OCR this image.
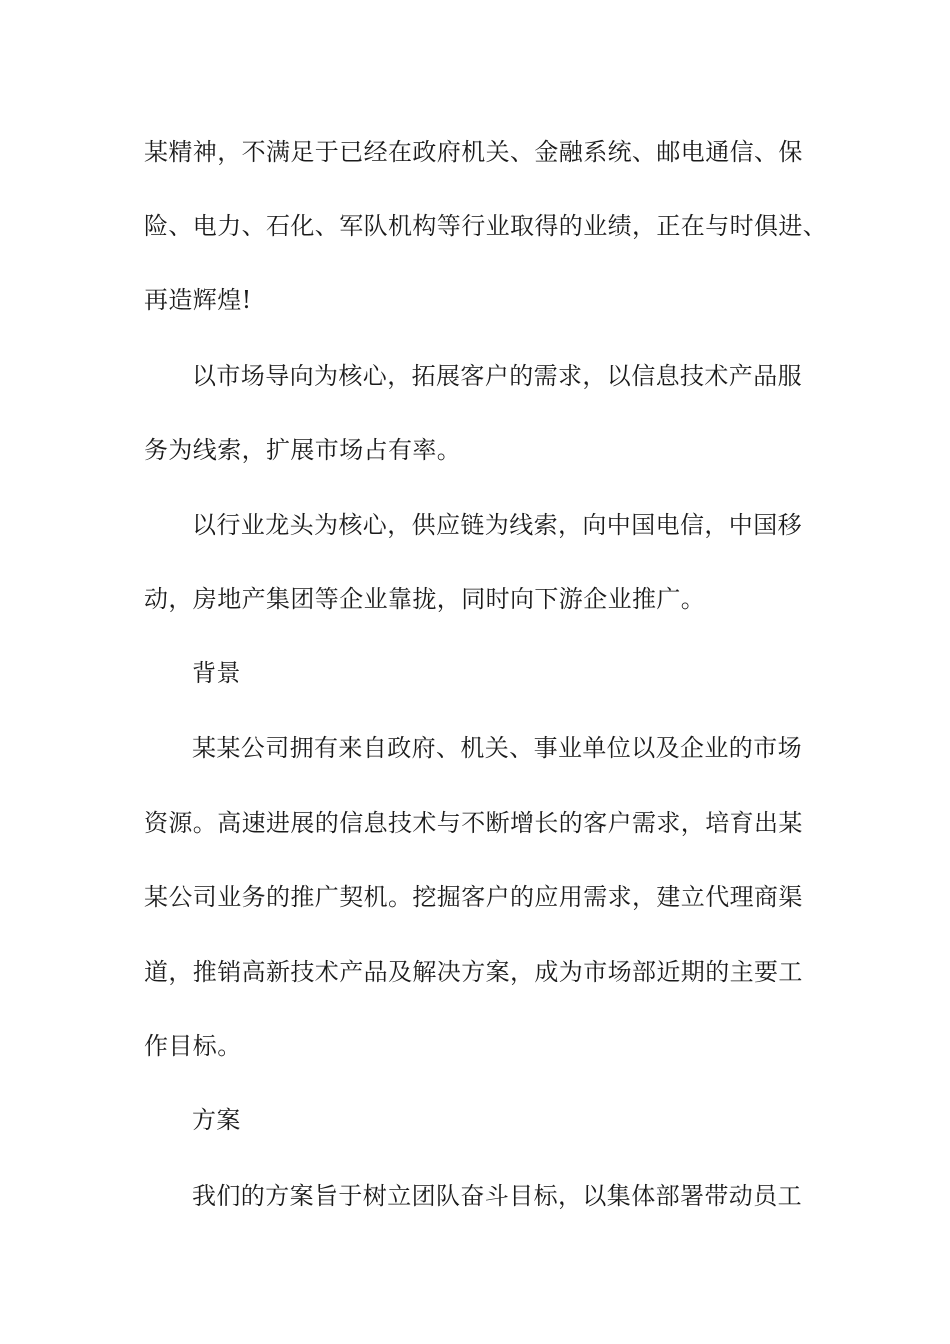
某精神，不满足于已经在政府机关、金融系统、邮电通信、保
险、电力、石化、军队机构等行业取得的业绩，正在与时俱进、
再造辉煌!
以市场导向为核心，拓展客户的需求，以信息技术产品服
务为线索，扩展市场占有率。
以行业龙头为核心，供应链为线索，向中国电信，中国移
动，房地产集团等企业靠拢，同时向下游企业推广。
背景
某某公司拥有来自政府、机关、事业单位以及企业的市场
资源。高速进展的信息技术与不断增长的客户需求，培育出某
某公司业务的推广契机。挖掘客户的应用需求，建立代理商渠
道，推销高新技术产品及解决方案，成为市场部近期的主要工
作目标。
方案
我们的方案旨于树立团队奋斗目标，以集体部署带动员工
